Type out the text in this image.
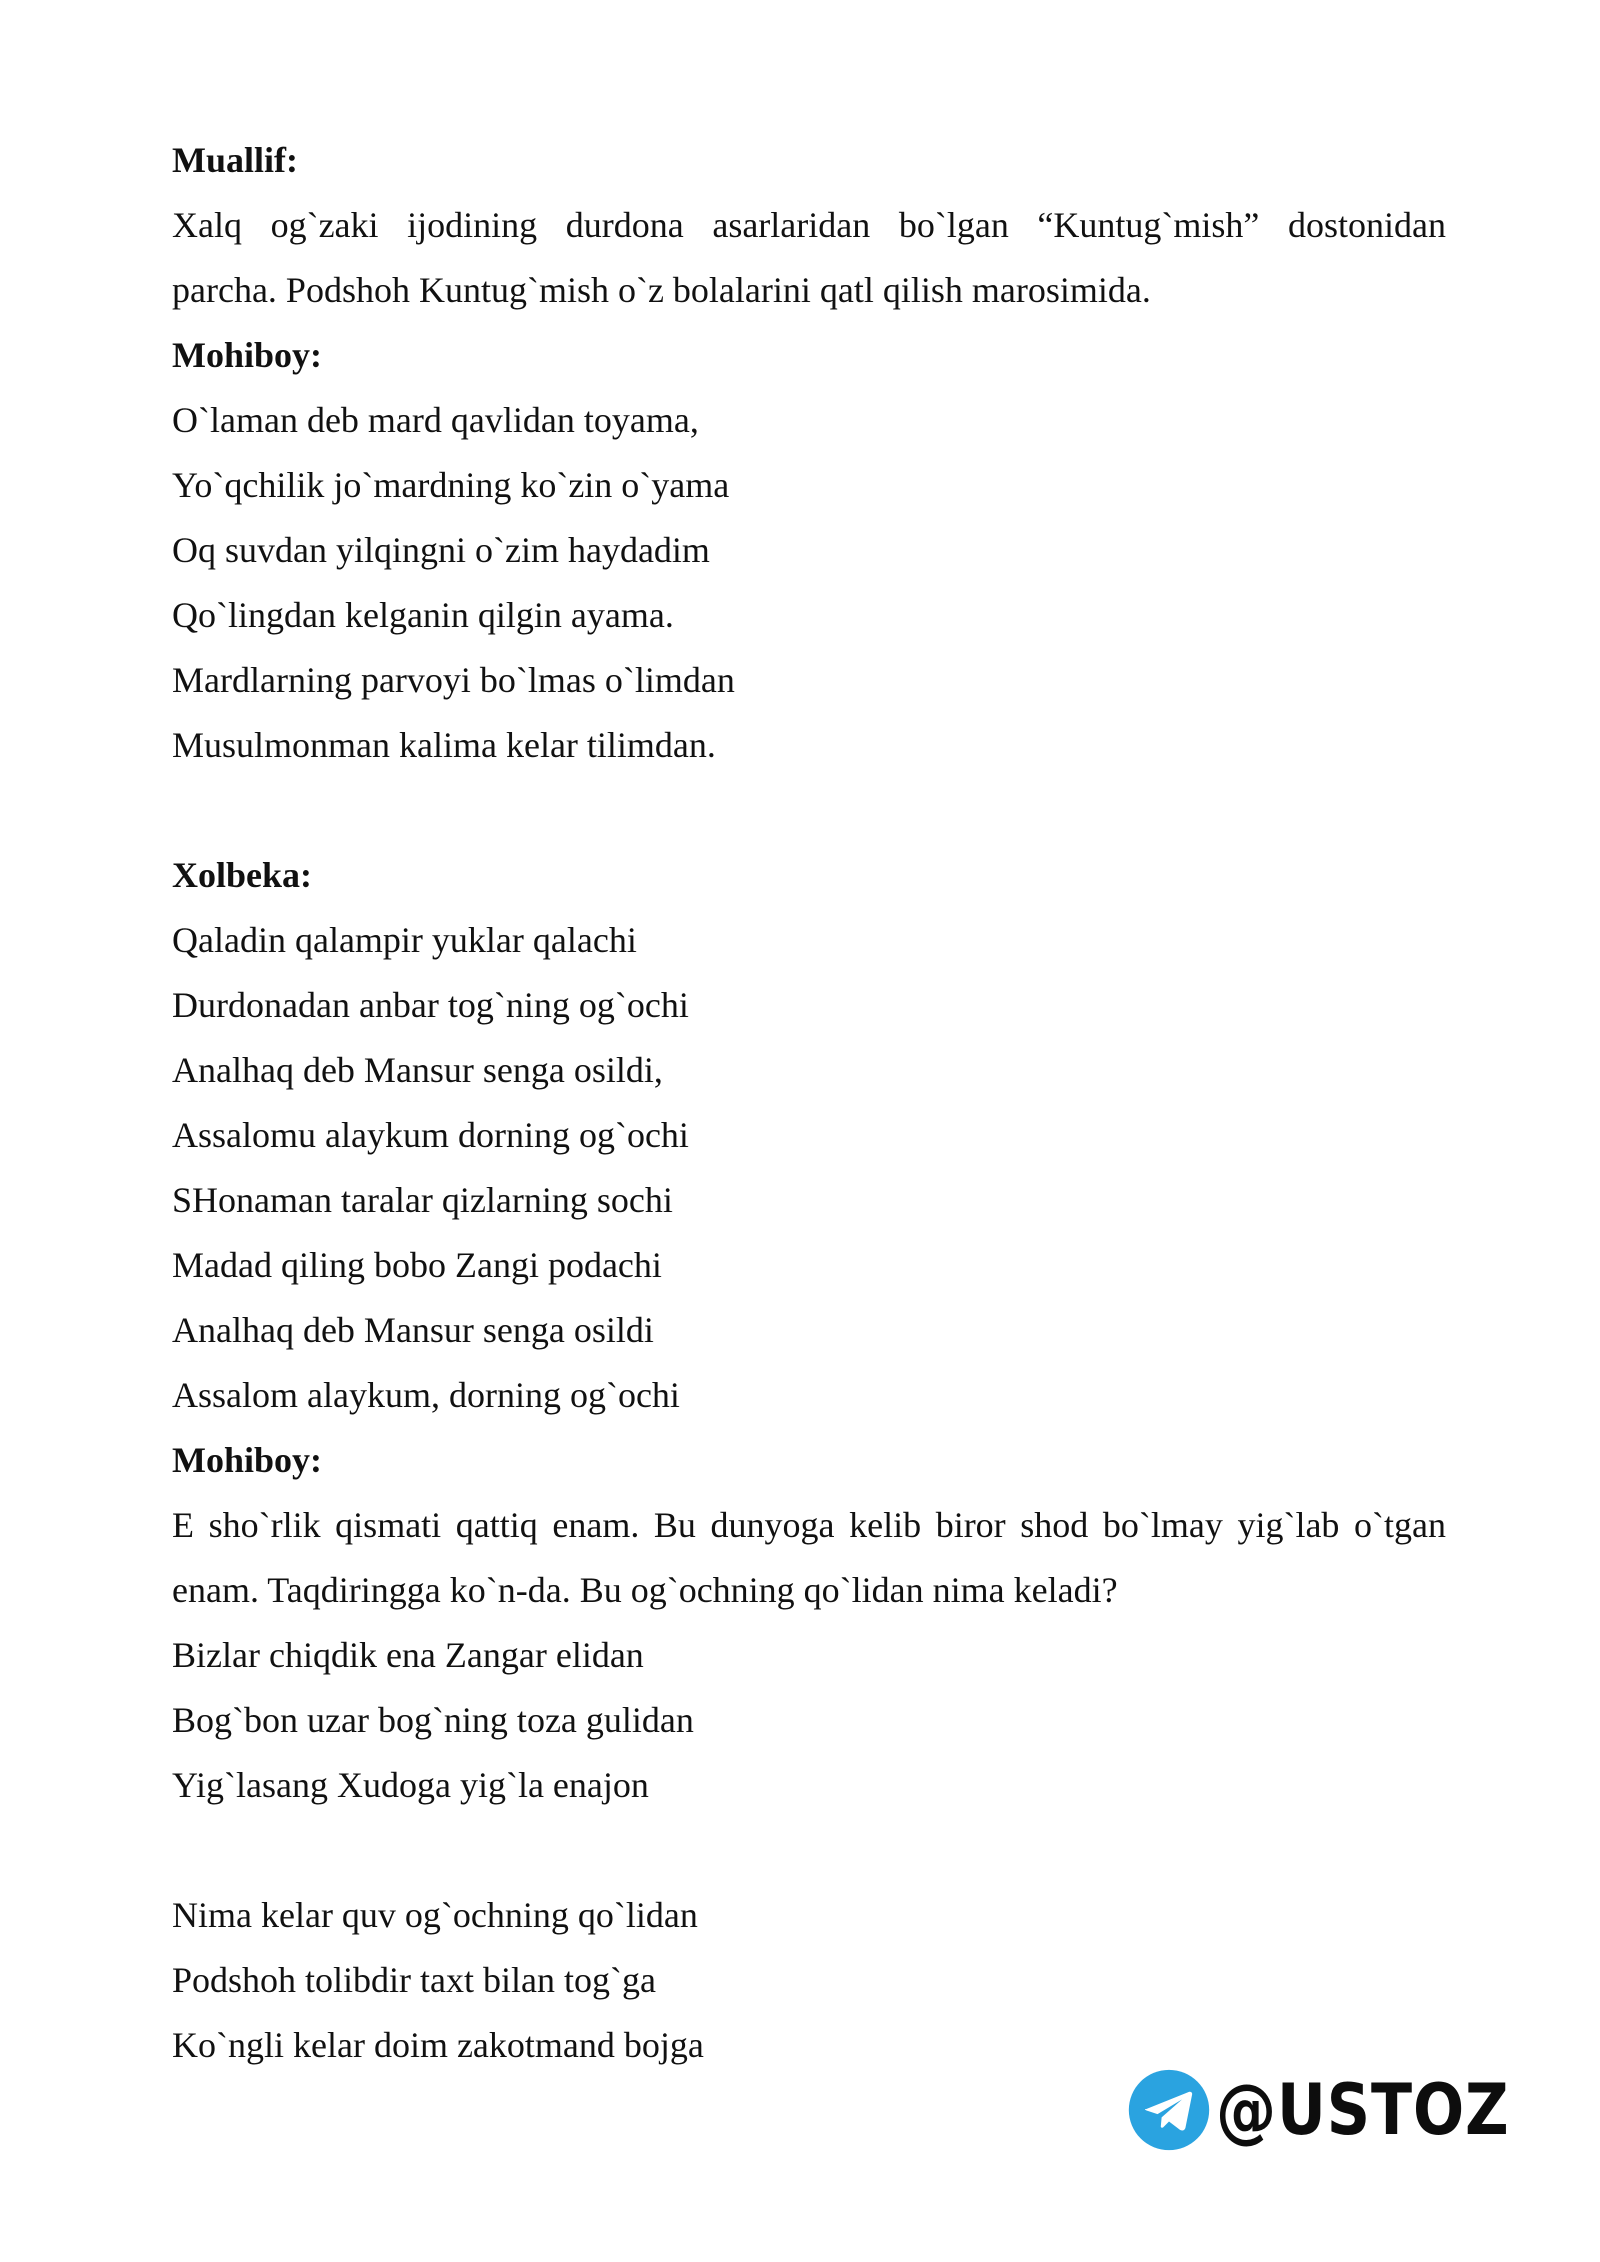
Muallif:
Xalq og`zaki ijodining durdona asarlaridan bo`lgan “Kuntug`mish” dostonidan
parcha. Podshoh Kuntug`mish o`z bolalarini qatl qilish marosimida.
Mohiboy:
O`laman deb mard qavlidan toyama,
Yo`qchilik jo`mardning ko`zin o`yama
Oq suvdan yilqingni o`zim haydadim
Qo`lingdan kelganin qilgin ayama.
Mardlarning parvoyi bo`lmas o`limdan
Musulmonman kalima kelar tilimdan.
Xolbeka:
Qaladin qalampir yuklar qalachi
Durdonadan anbar tog`ning og`ochi
Analhaq deb Mansur senga osildi,
Assalomu alaykum dorning og`ochi
SHonaman taralar qizlarning sochi
Madad qiling bobo Zangi podachi
Analhaq deb Mansur senga osildi
Assalom alaykum, dorning og`ochi
Mohiboy:
E sho`rlik qismati qattiq enam. Bu dunyoga kelib biror shod bo`lmay yig`lab o`tgan
enam. Taqdiringga ko`n-da. Bu og`ochning qo`lidan nima keladi?
Bizlar chiqdik ena Zangar elidan
Bog`bon uzar bog`ning toza gulidan
Yig`lasang Xudoga yig`la enajon
Nima kelar quv og`ochning qo`lidan
Podshoh tolibdir taxt bilan tog`ga
Ko`ngli kelar doim zakotmand bojga
@USTOZ
